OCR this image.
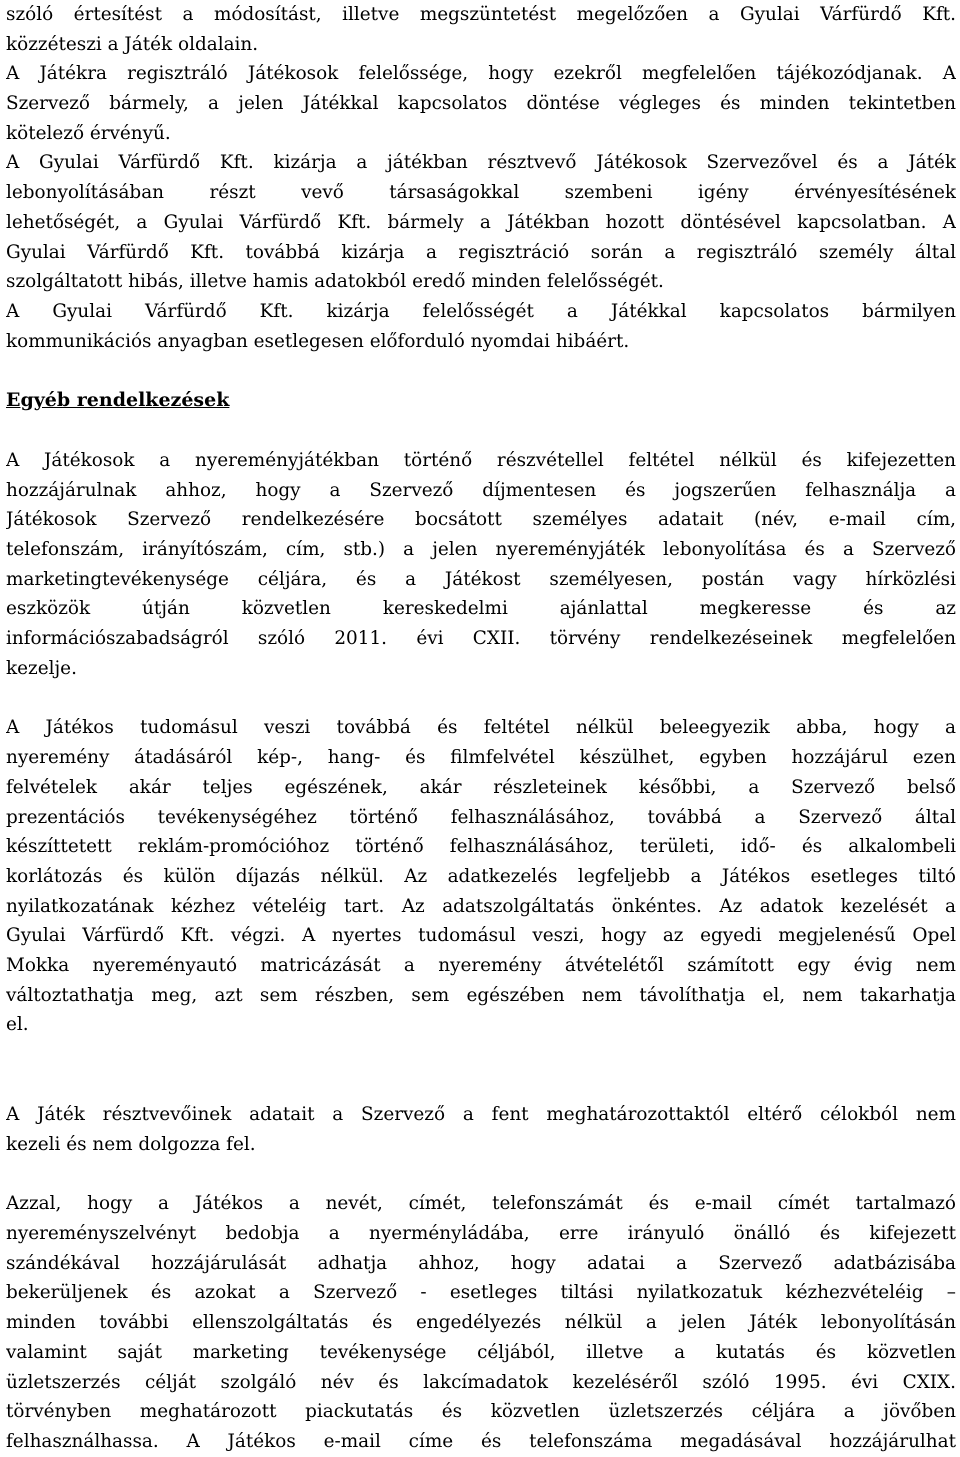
szóló értesítést a módosítást, illetve megszüntetést megelőzően a Gyulai Várfürdő Kft.
közzéteszi a Játék oldalain.
A Játékra regisztráló Játékosok felelőssége, hogy ezekről megfelelően tájékozódjanak. A
Szervező bármely, a jelen Játékkal kapcsolatos döntése végleges és minden tekintetben
kötelező érvényű.
A Gyulai Várfürdő Kft. kizárja a játékban résztvevő Játékosok Szervezővel és a Játék
lebonyolításában részt vevő társaságokkal szembeni igény érvényesítésének
lehetőségét, a Gyulai Várfürdő Kft. bármely a Játékban hozott döntésével kapcsolatban. A
Gyulai Várfürdő Kft. továbbá kizárja a regisztráció során a regisztráló személy által
szolgáltatott hibás, illetve hamis adatokból eredő minden felelősségét.
A Gyulai Várfürdő Kft. kizárja felelősségét a Játékkal kapcsolatos bármilyen
kommunikációs anyagban esetlegesen előforduló nyomdai hibáért.
Egyéb rendelkezések
A Játékosok a nyereményjátékban történő részvétellel feltétel nélkül és kifejezetten
hozzájárulnak ahhoz, hogy a Szervező díjmentesen és jogszerűen felhasználja a
Játékosok Szervező rendelkezésére bocsátott személyes adatait (név, e-mail cím,
telefonszám, irányítószám, cím, stb.) a jelen nyereményjáték lebonyolítása és a Szervező
marketingtevékenysége céljára, és a Játékost személyesen, postán vagy hírközlési
eszközök útján közvetlen kereskedelmi ajánlattal megkeresse és az
információszabadságról szóló 2011. évi CXII. törvény rendelkezéseinek megfelelően
kezelje.
A Játékos tudomásul veszi továbbá és feltétel nélkül beleegyezik abba, hogy a
nyeremény átadásáról kép-, hang- és filmfelvétel készülhet, egyben hozzájárul ezen
felvételek akár teljes egészének, akár részleteinek későbbi, a Szervező belső
prezentációs tevékenységéhez történő felhasználásához, továbbá a Szervező által
készíttetett reklám-promócióhoz történő felhasználásához, területi, idő- és alkalombeli
korlátozás és külön díjazás nélkül. Az adatkezelés legfeljebb a Játékos esetleges tiltó
nyilatkozatának kézhez vételéig tart. Az adatszolgáltatás önkéntes. Az adatok kezelését a
Gyulai Várfürdő Kft. végzi. A nyertes tudomásul veszi, hogy az egyedi megjelenésű Opel
Mokka nyereményautó matricázását a nyeremény átvételétől számított egy évig nem
változtathatja meg, azt sem részben, sem egészében nem távolíthatja el, nem takarhatja
el.
A Játék résztvevőinek adatait a Szervező a fent meghatározottaktól eltérő célokból nem
kezeli és nem dolgozza fel.
Azzal, hogy a Játékos a nevét, címét, telefonszámát és e-mail címét tartalmazó
nyereményszelvényt bedobja a nyerményládába, erre irányuló önálló és kifejezett
szándékával hozzájárulását adhatja ahhoz, hogy adatai a Szervező adatbázisába
bekerüljenek és azokat a Szervező - esetleges tiltási nyilatkozatuk kézhezvételéig –
minden további ellenszolgáltatás és engedélyezés nélkül a jelen Játék lebonyolításán
valamint saját marketing tevékenysége céljából, illetve a kutatás és közvetlen
üzletszerzés célját szolgáló név és lakcímadatok kezeléséről szóló 1995. évi CXIX.
törvényben meghatározott piackutatás és közvetlen üzletszerzés céljára a jövőben
felhasználhassa. A Játékos e-mail címe és telefonszáma megadásával hozzájárulhat
